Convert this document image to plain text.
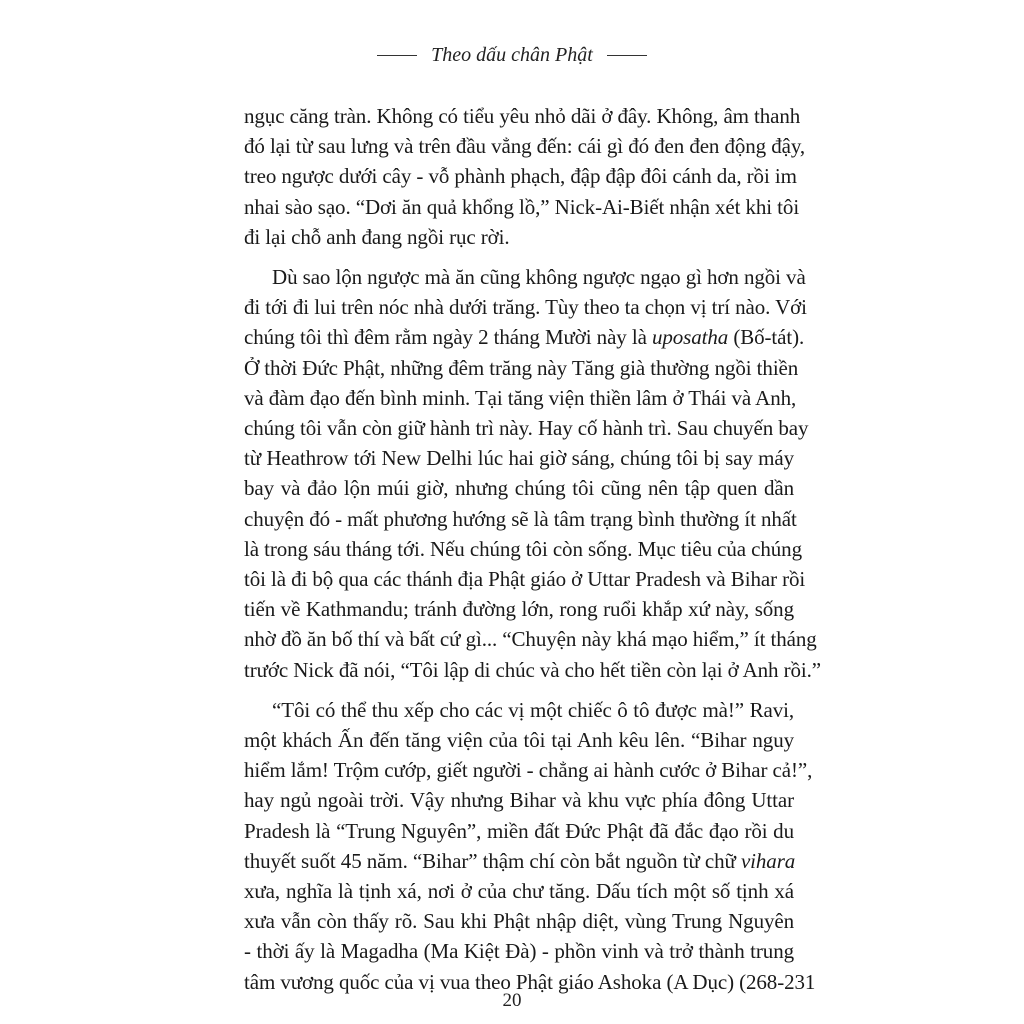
Theo dấu chân Phật
ngục căng tràn. Không có tiểu yêu nhỏ dãi ở đây. Không, âm thanh
đó lại từ sau lưng và trên đầu vẳng đến: cái gì đó đen đen động đậy,
treo ngược dưới cây - vỗ phành phạch, đập đập đôi cánh da, rồi im
nhai sào sạo. “Dơi ăn quả khổng lồ,” Nick-Ai-Biết nhận xét khi tôi
đi lại chỗ anh đang ngồi rục rời.
Dù sao lộn ngược mà ăn cũng không ngược ngạo gì hơn ngồi và
đi tới đi lui trên nóc nhà dưới trăng. Tùy theo ta chọn vị trí nào. Với
chúng tôi thì đêm rằm ngày 2 tháng Mười này là uposatha (Bố-tát).
Ở thời Đức Phật, những đêm trăng này Tăng già thường ngồi thiền
và đàm đạo đến bình minh. Tại tăng viện thiền lâm ở Thái và Anh,
chúng tôi vẫn còn giữ hành trì này. Hay cố hành trì. Sau chuyến bay
từ Heathrow tới New Delhi lúc hai giờ sáng, chúng tôi bị say máy
bay và đảo lộn múi giờ, nhưng chúng tôi cũng nên tập quen dần
chuyện đó - mất phương hướng sẽ là tâm trạng bình thường ít nhất
là trong sáu tháng tới. Nếu chúng tôi còn sống. Mục tiêu của chúng
tôi là đi bộ qua các thánh địa Phật giáo ở Uttar Pradesh và Bihar rồi
tiến về Kathmandu; tránh đường lớn, rong ruổi khắp xứ này, sống
nhờ đồ ăn bố thí và bất cứ gì... “Chuyện này khá mạo hiểm,” ít tháng
trước Nick đã nói, “Tôi lập di chúc và cho hết tiền còn lại ở Anh rồi.”
“Tôi có thể thu xếp cho các vị một chiếc ô tô được mà!” Ravi,
một khách Ấn đến tăng viện của tôi tại Anh kêu lên. “Bihar nguy
hiểm lắm! Trộm cướp, giết người - chẳng ai hành cước ở Bihar cả!”,
hay ngủ ngoài trời. Vậy nhưng Bihar và khu vực phía đông Uttar
Pradesh là “Trung Nguyên”, miền đất Đức Phật đã đắc đạo rồi du
thuyết suốt 45 năm. “Bihar” thậm chí còn bắt nguồn từ chữ vihara
xưa, nghĩa là tịnh xá, nơi ở của chư tăng. Dấu tích một số tịnh xá
xưa vẫn còn thấy rõ. Sau khi Phật nhập diệt, vùng Trung Nguyên
- thời ấy là Magadha (Ma Kiệt Đà) - phồn vinh và trở thành trung
tâm vương quốc của vị vua theo Phật giáo Ashoka (A Dục) (268-231
20
